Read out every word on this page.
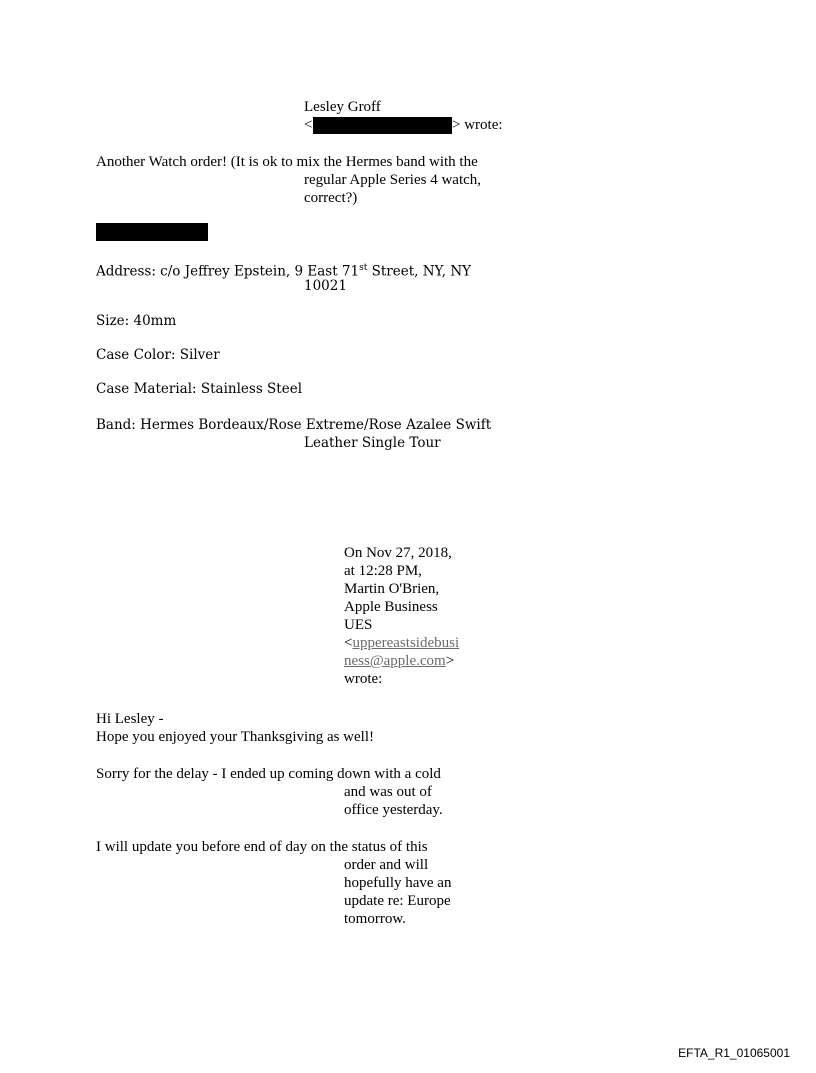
Lesley Groff
<	> wrote:
Another Watch order! (It is ok to mix the Hermes band with the
regular Apple Series 4 watch,
correct?)
Address: c/o Jeffrey Epstein, 9 East 71st Street, NY, NY
10021
Size: 40mm
Case Color: Silver
Case Material: Stainless Steel
Band: Hermes Bordeaux/Rose Extreme/Rose Azalee Swift
Leather Single Tour
On Nov 27, 2018,
at 12:28 PM,
Martin O'Brien,
Apple Business
UES
<uppereastsidebusi
ness@apple.com>
wrote:
Hi Lesley -
Hope you enjoyed your Thanksgiving as well!
Sorry for the delay - I ended up coming down with a cold
and was out of
office yesterday.
I will update you before end of day on the status of this
order and will
hopefully have an
update re: Europe
tomorrow.
EFTA_R1_01065001
